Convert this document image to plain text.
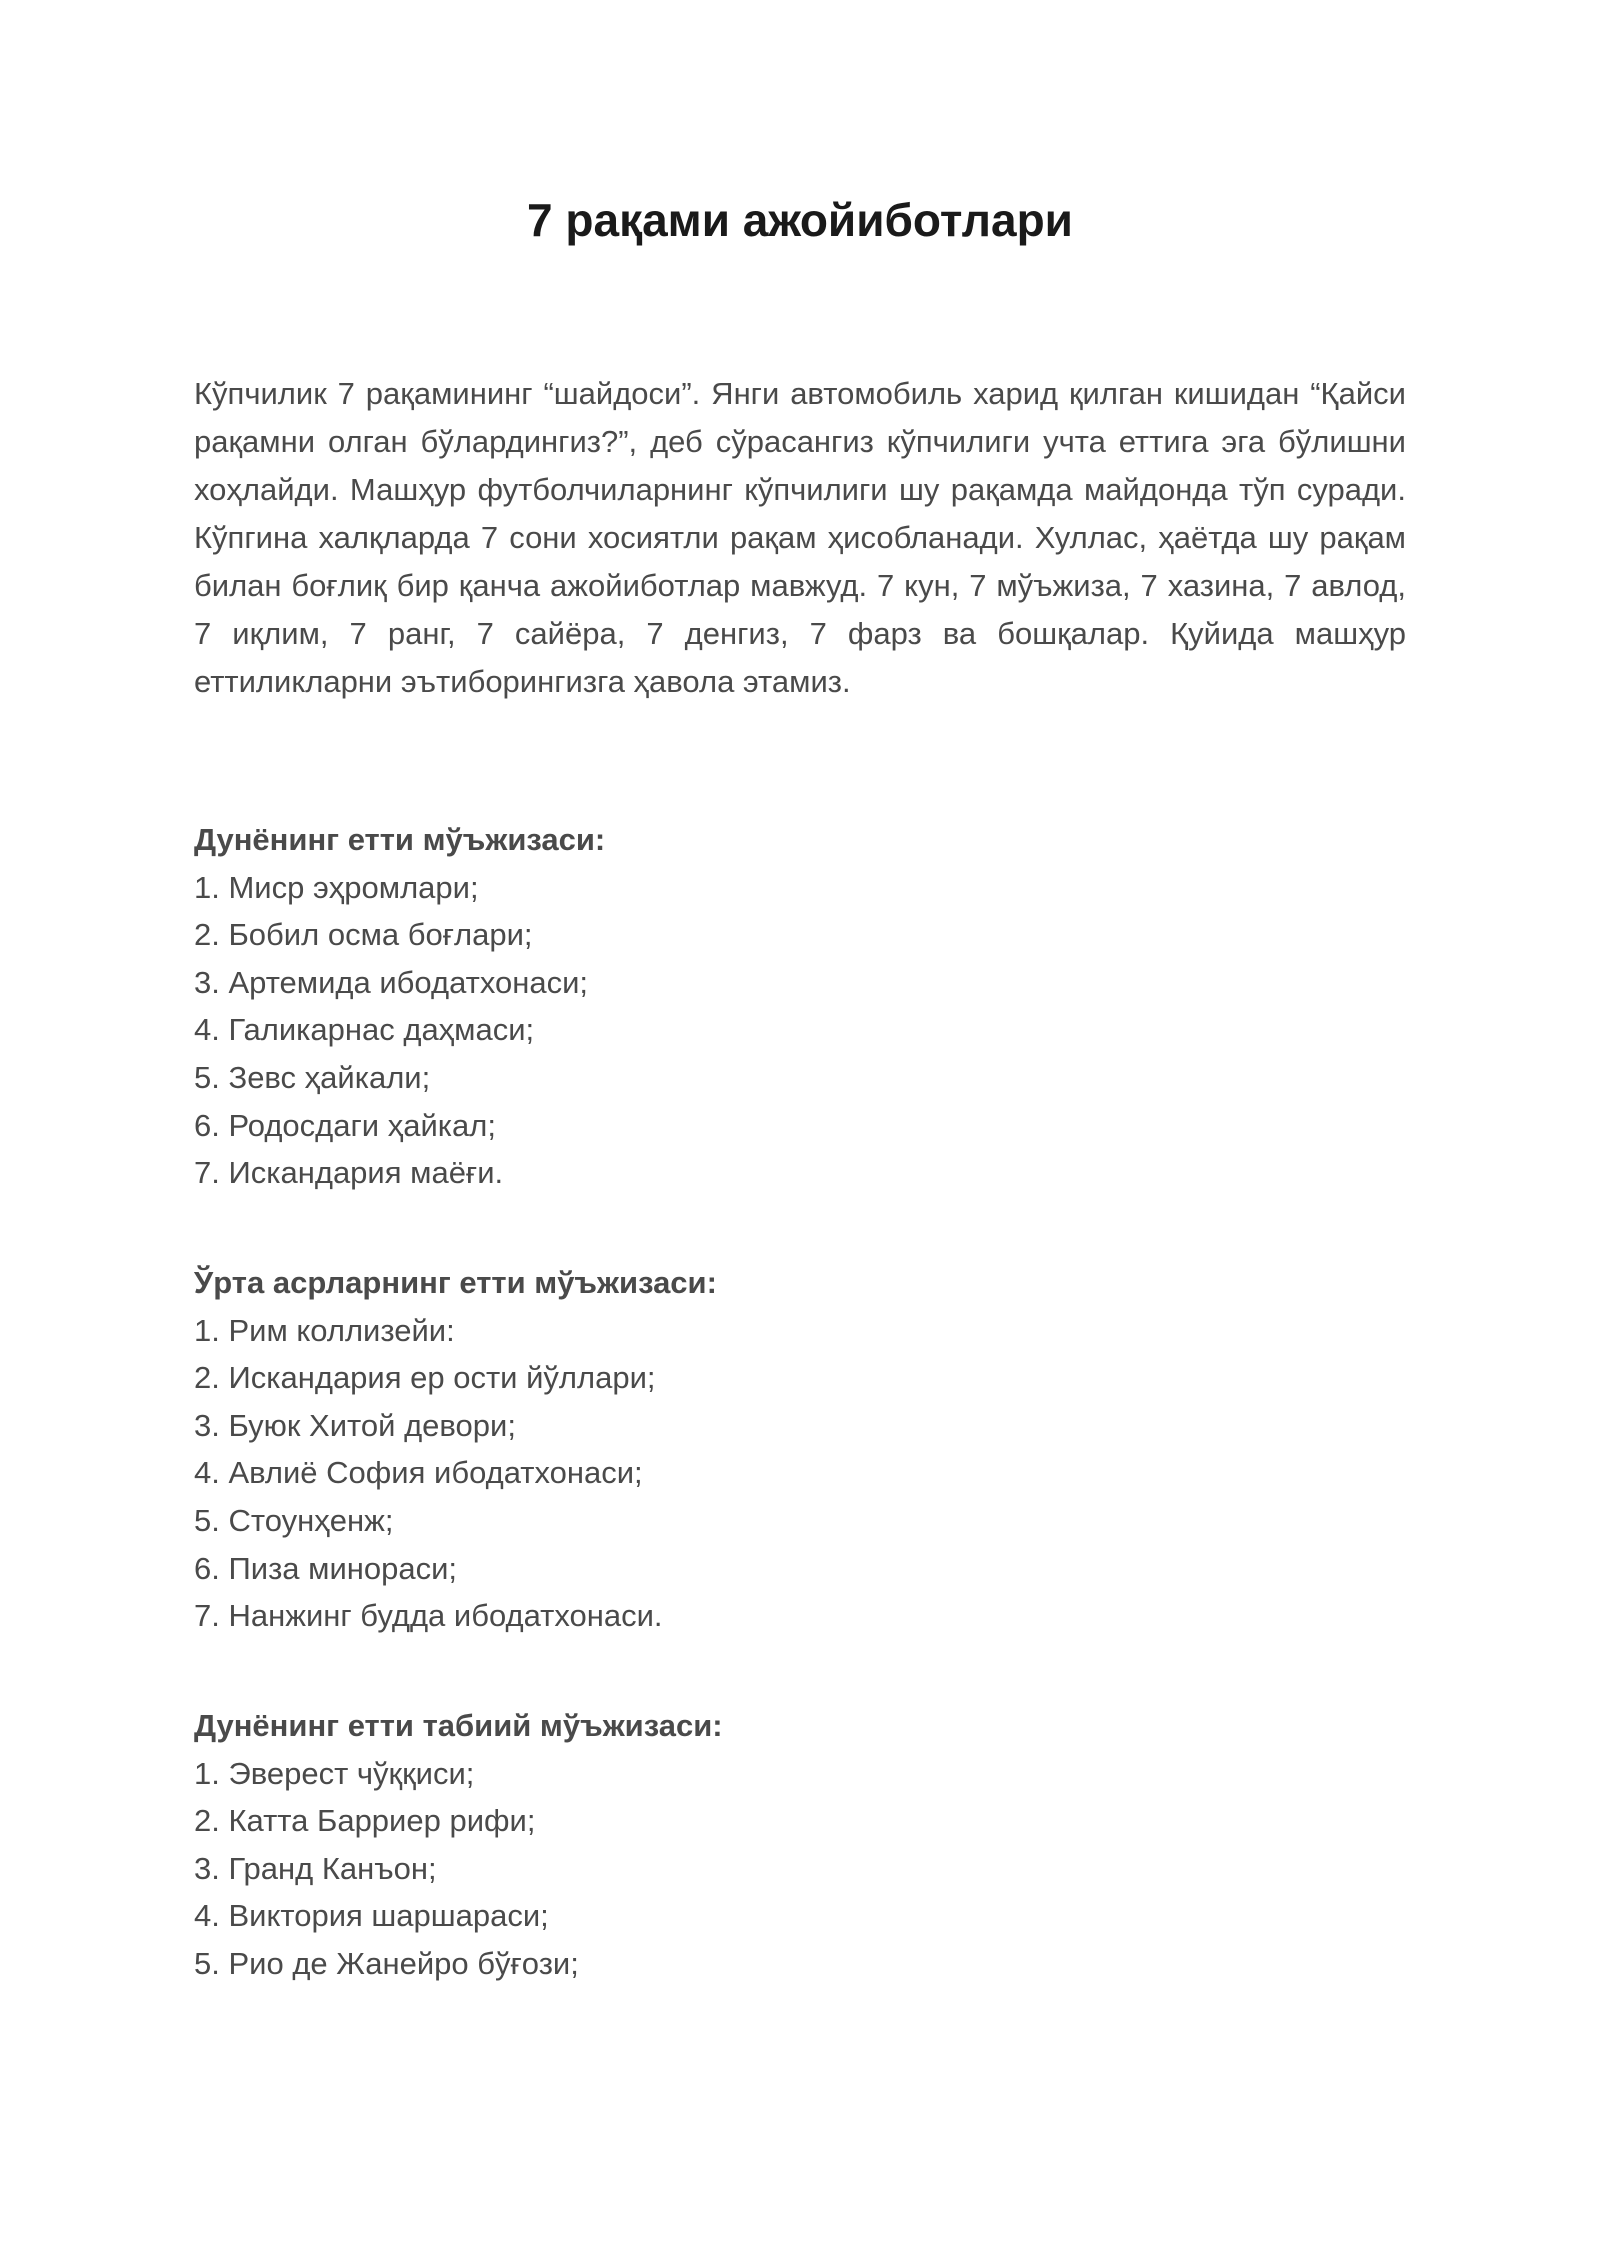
7 рақами ажойиботлари

Кўпчилик 7 рақамининг “шайдоси”. Янги автомобиль харид қилган кишидан “Қайси рақамни олган бўлардингиз?”, деб сўрасангиз кўпчилиги учта еттига эга бўлишни хоҳлайди. Машҳур футболчиларнинг кўпчилиги шу рақамда майдонда тўп суради. Кўпгина халқларда 7 сони хосиятли рақам ҳисобланади. Хуллас, ҳаётда шу рақам билан боғлиқ бир қанча ажойиботлар мавжуд. 7 кун, 7 мўъжиза, 7 хазина, 7 авлод, 7 иқлим, 7 ранг, 7 сайёра, 7 денгиз, 7 фарз ва бошқалар. Қуйида машҳур еттиликларни эътиборингизга ҳавола этамиз.

Дунёнинг етти мўъжизаси:

1. Миср эҳромлари;
2. Бобил осма боғлари;
3. Артемида ибодатхонаси;
4. Галикарнас даҳмаси;
5. Зевс ҳайкали;
6. Родосдаги ҳайкал;
7. Искандария маёғи.

Ўрта асрларнинг етти мўъжизаси:

1. Рим коллизейи:
2. Искандария ер ости йўллари;
3. Буюк Хитой девори;
4. Авлиё София ибодатхонаси;
5. Стоунҳенж;
6. Пиза минораси;
7. Нанжинг будда ибодатхонаси.

Дунёнинг етти табиий мўъжизаси:

1. Эверест чўққиси;
2. Катта Барриер рифи;
3. Гранд Канъон;
4. Виктория шаршараси;
5. Рио де Жанейро бўғози;
